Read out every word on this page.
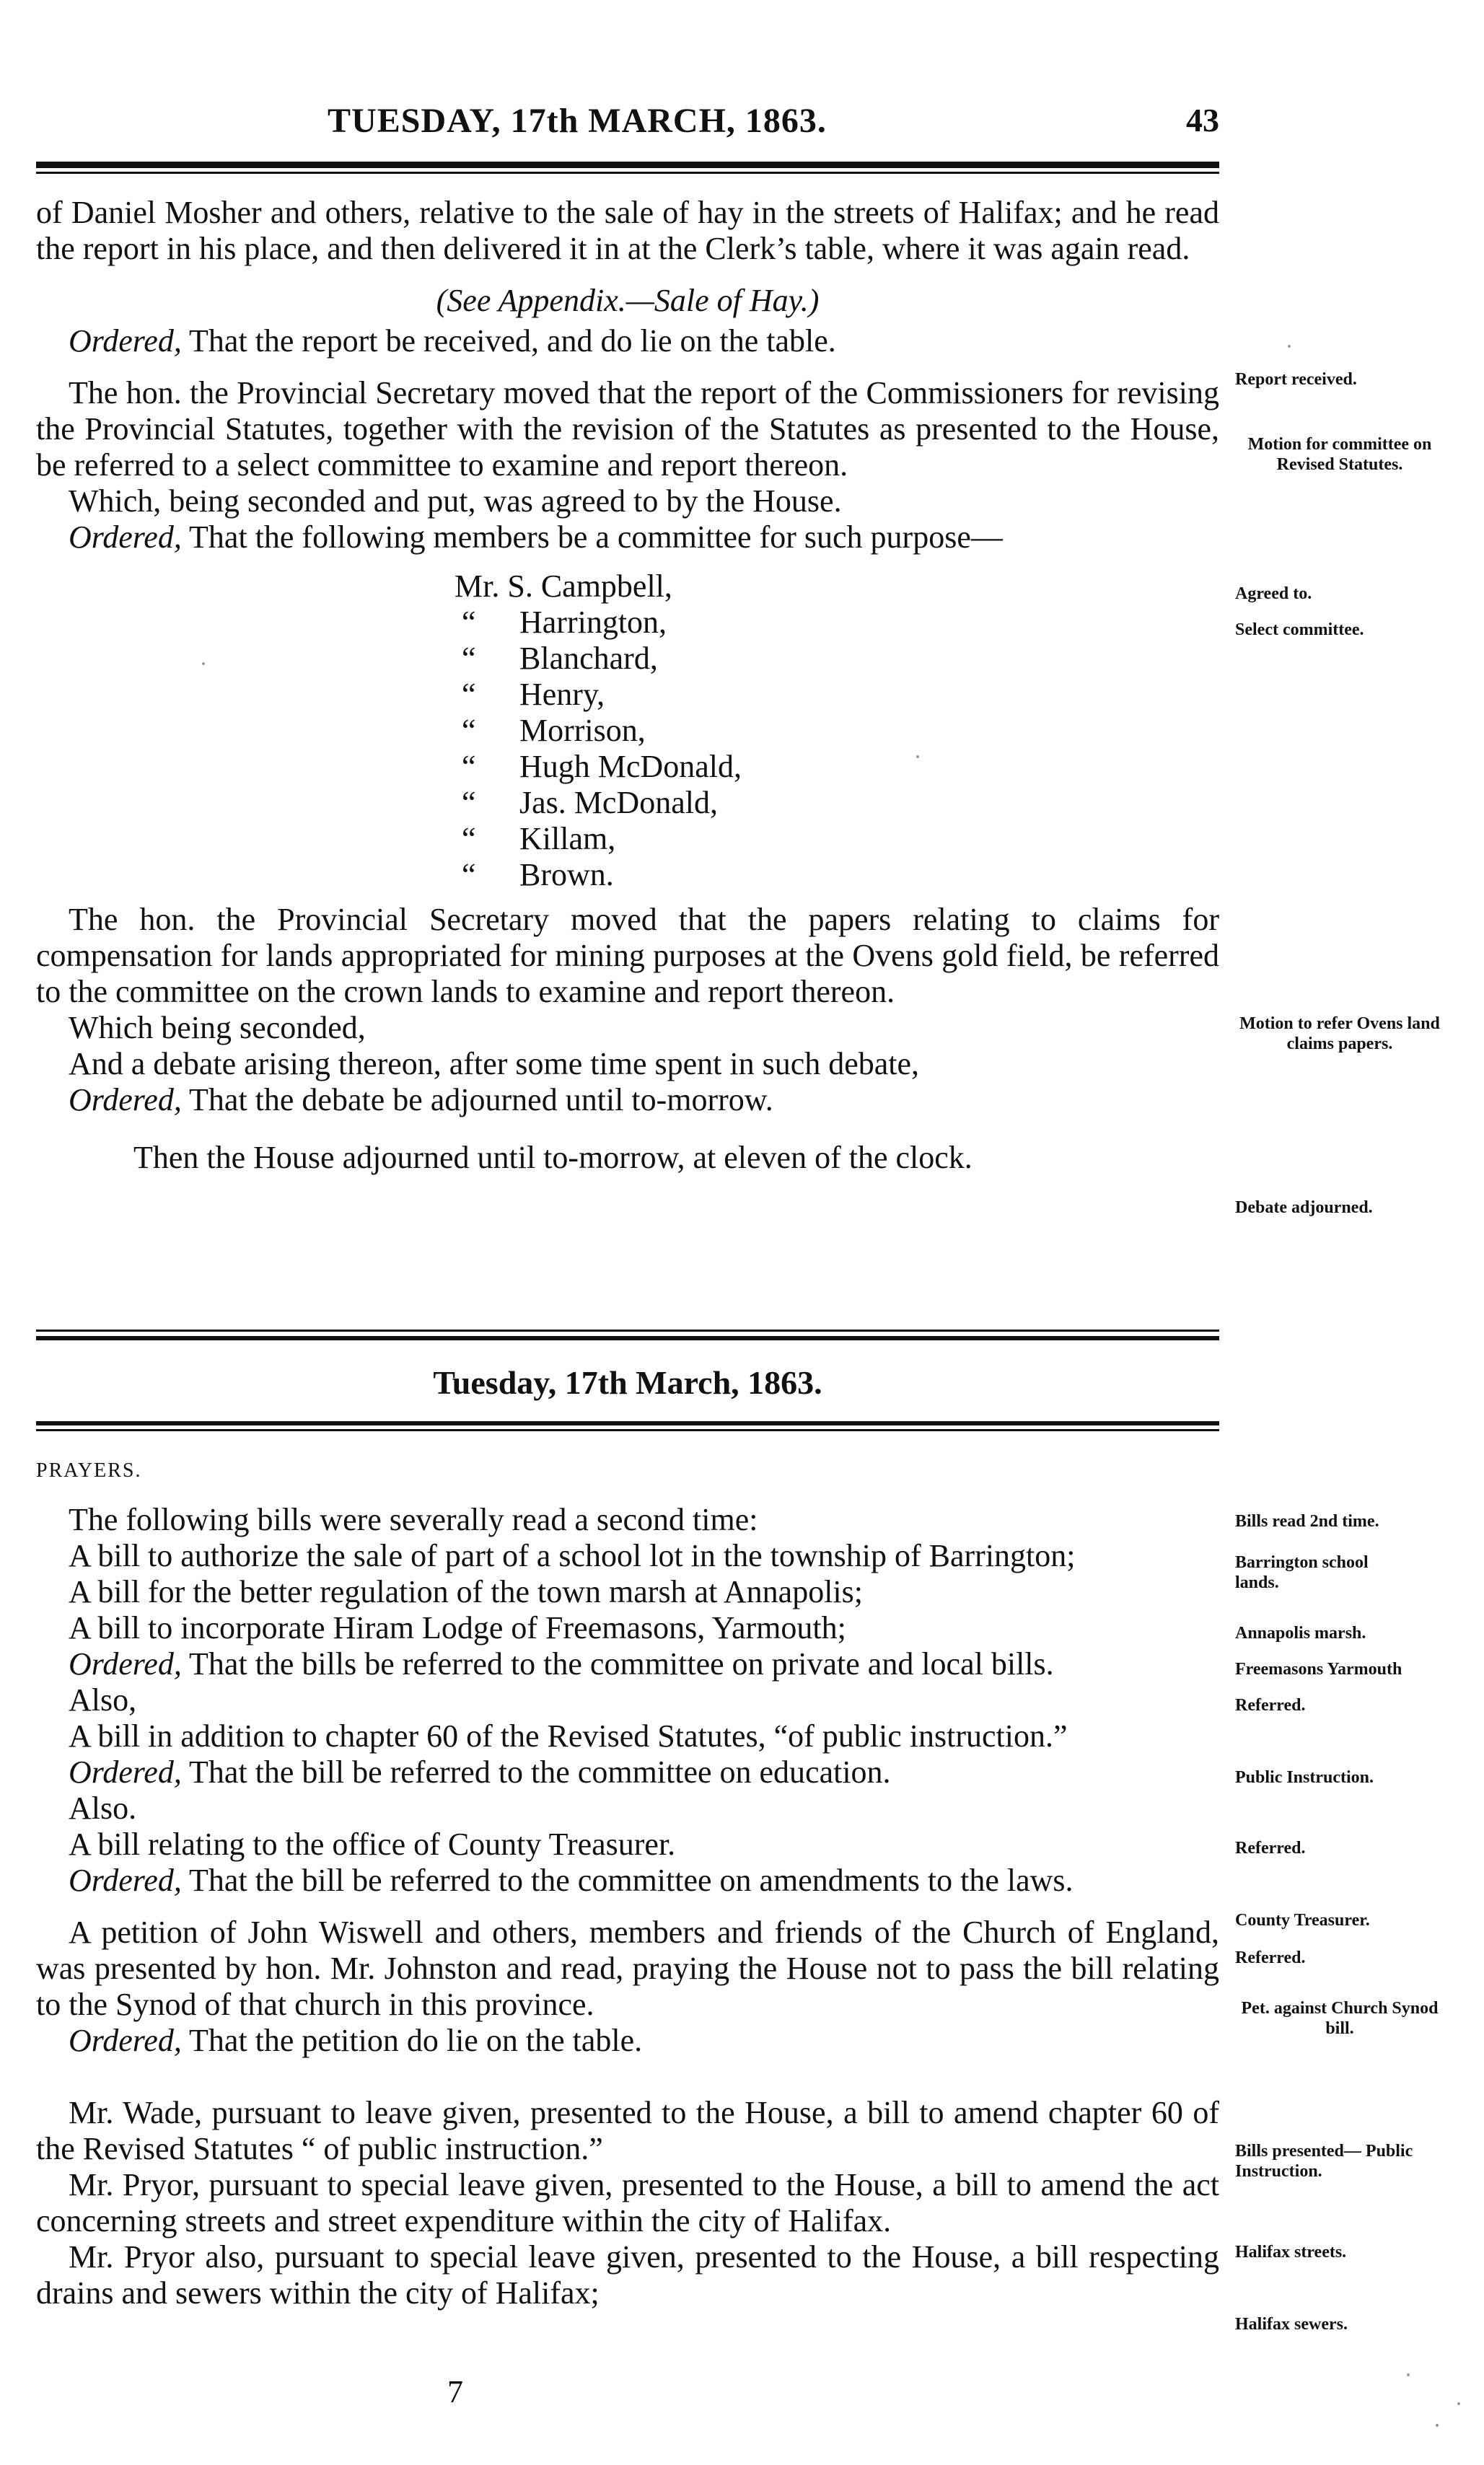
TUESDAY, 17th MARCH, 1863.	43

of Daniel Mosher and others, relative to the sale of hay in the streets of Halifax; and he read the report in his place, and then delivered it in at the Clerk’s table, where it was again read.

(See Appendix.—Sale of Hay.)

Ordered, That the report be received, and do lie on the table.

The hon. the Provincial Secretary moved that the report of the Commissioners for revising the Provincial Statutes, together with the revision of the Statutes as presented to the House, be referred to a select committee to examine and report thereon.

Which, being seconded and put, was agreed to by the House.

Ordered, That the following members be a committee for such purpose—

Mr. S. Campbell,
“	Harrington,
“	Blanchard,
“	Henry,
“	Morrison,
“	Hugh McDonald,
“	Jas. McDonald,
“	Killam,
“	Brown.

The hon. the Provincial Secretary moved that the papers relating to claims for compensation for lands appropriated for mining purposes at the Ovens gold field, be referred to the committee on the crown lands to examine and report thereon.

Which being seconded,

And a debate arising thereon, after some time spent in such debate,

Ordered, That the debate be adjourned until to-morrow.

Then the House adjourned until to-morrow, at eleven of the clock.

Tuesday, 17th March, 1863.
PRAYERS.

The following bills were severally read a second time:

A bill to authorize the sale of part of a school lot in the township of Barrington;

A bill for the better regulation of the town marsh at Annapolis;

A bill to incorporate Hiram Lodge of Freemasons, Yarmouth;

Ordered, That the bills be referred to the committee on private and local bills.

Also,

A bill in addition to chapter 60 of the Revised Statutes, “of public instruction.”

Ordered, That the bill be referred to the committee on education.

Also.

A bill relating to the office of County Treasurer.

Ordered, That the bill be referred to the committee on amendments to the laws.

A petition of John Wiswell and others, members and friends of the Church of England, was presented by hon. Mr. Johnston and read, praying the House not to pass the bill relating to the Synod of that church in this province.

Ordered, That the petition do lie on the table.

Mr. Wade, pursuant to leave given, presented to the House, a bill to amend chapter 60 of the Revised Statutes “ of public instruction.”

Mr. Pryor, pursuant to special leave given, presented to the House, a bill to amend the act concerning streets and street expenditure within the city of Halifax.

Mr. Pryor also, pursuant to special leave given, presented to the House, a bill respecting drains and sewers within the city of Halifax;

7
Report received.
Motion for committee on Revised Statutes.
Agreed to.
Select committee.
Motion to refer Ovens land claims papers.
Debate adjourned.
Bills read 2nd time.
Barrington school lands.
Annapolis marsh.
Freemasons Yarmouth
Referred.
Public Instruction.
Referred.
County Treasurer.
Referred.
Pet. against Church Synod bill.
Bills presented— Public Instruction.
Halifax streets.
Halifax sewers.
